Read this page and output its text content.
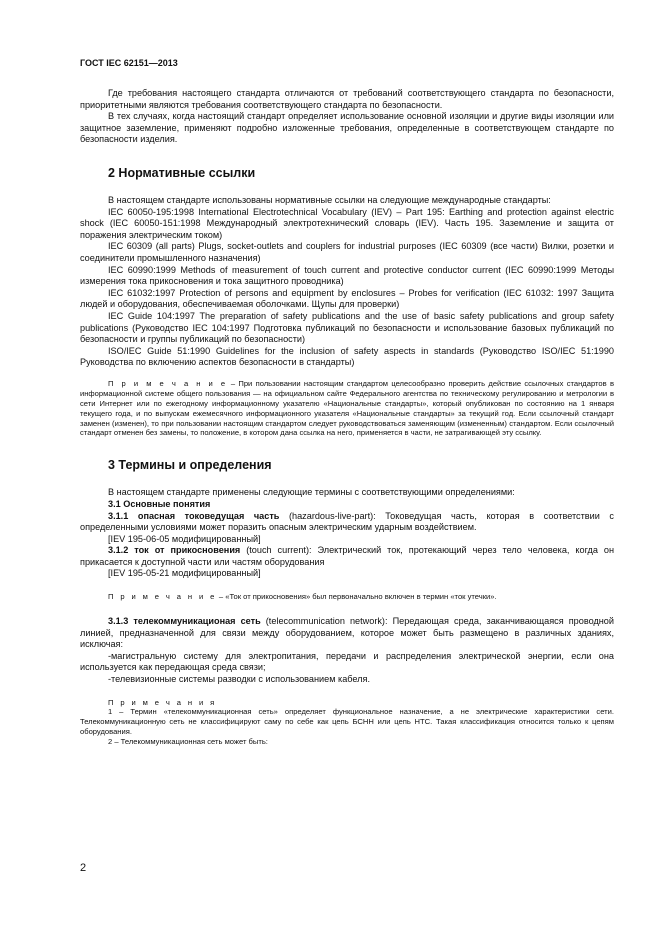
ГОСТ IEC 62151—2013

Где требования настоящего стандарта отличаются от требований соответствующего стандарта по безопасности, приоритетными являются требования соответствующего стандарта по безопасности.

В тех случаях, когда настоящий стандарт определяет использование основной изоляции и другие виды изоляции или защитное заземление, применяют подробно изложенные требования, определенные в соответствующем стандарте по безопасности изделия.

2 Нормативные ссылки

В настоящем стандарте использованы нормативные ссылки на следующие международные стандарты:

IEC 60050-195:1998 International Electrotechnical Vocabulary (IEV) – Part 195: Earthing and protection against electric shock (IEC 60050-151:1998 Международный электротехнический словарь (IEV). Часть 195. Заземление и защита от поражения электрическим током)

IEC 60309 (all parts) Plugs, socket-outlets and couplers for industrial purposes (IEC 60309 (все части) Вилки, розетки и соединители промышленного назначения)

IEC 60990:1999 Methods of measurement of touch current and protective conductor current (IEC 60990:1999 Методы измерения тока прикосновения и тока защитного проводника)

IEC 61032:1997 Protection of persons and equipment by enclosures – Probes for verification (IEC 61032: 1997 Защита людей и оборудования, обеспечиваемая оболочками. Щупы для проверки)

IEC Guide 104:1997 The preparation of safety publications and the use of basic safety publications and group safety publications (Руководство IEC 104:1997 Подготовка публикаций по безопасности и использование базовых публикаций по безопасности и группы публикаций по безопасности)

ISO/IEC Guide 51:1990 Guidelines for the inclusion of safety aspects in standards (Руководство ISO/IEC 51:1990 Руководства по включению аспектов безопасности в стандарты)

П р и м е ч а н и е – При пользовании настоящим стандартом целесообразно проверить действие ссылочных стандартов в информационной системе общего пользования — на официальном сайте Федерального агентства по техническому регулированию и метрологии в сети Интернет или по ежегодному информационному указателю «Национальные стандарты», который опубликован по состоянию на 1 января текущего года, и по выпускам ежемесячного информационного указателя «Национальные стандарты» за текущий год. Если ссылочный стандарт заменен (изменен), то при пользовании настоящим стандартом следует руководствоваться заменяющим (измененным) стандартом. Если ссылочный стандарт отменен без замены, то положение, в котором дана ссылка на него, применяется в части, не затрагивающей эту ссылку.

3 Термины и определения

В настоящем стандарте применены следующие термины с соответствующими определениями:

3.1 Основные понятия

3.1.1 опасная токоведущая часть (hazardous-live-part): Токоведущая часть, которая в соответствии с определенными условиями может поразить опасным электрическим ударным воздействием.

[IEV 195-06-05 модифицированный]

3.1.2 ток от прикосновения (touch current): Электрический ток, протекающий через тело человека, когда он прикасается к доступной части или частям оборудования

[IEV 195-05-21 модифицированный]

П р и м е ч а н и е – «Ток от прикосновения» был первоначально включен в термин «ток утечки».

3.1.3 телекоммуникационая сеть (telecommunication network): Передающая среда, заканчивающаяся проводной линией, предназначенной для связи между оборудованием, которое может быть размещено в различных зданиях, исключая:

-магистральную систему для электропитания, передачи и распределения электрической энергии, если она используется как передающая среда связи;

-телевизионные системы разводки с использованием кабеля.

П р и м е ч а н и я

1 – Термин «телекоммуникационная сеть» определяет функциональное назначение, а не электрические характеристики сети. Телекоммуникационную сеть не классифицируют саму по себе как цепь БСНН или цепь НТС. Такая классификация относится только к цепям оборудования.

2 – Телекоммуникационная сеть может быть:

2
